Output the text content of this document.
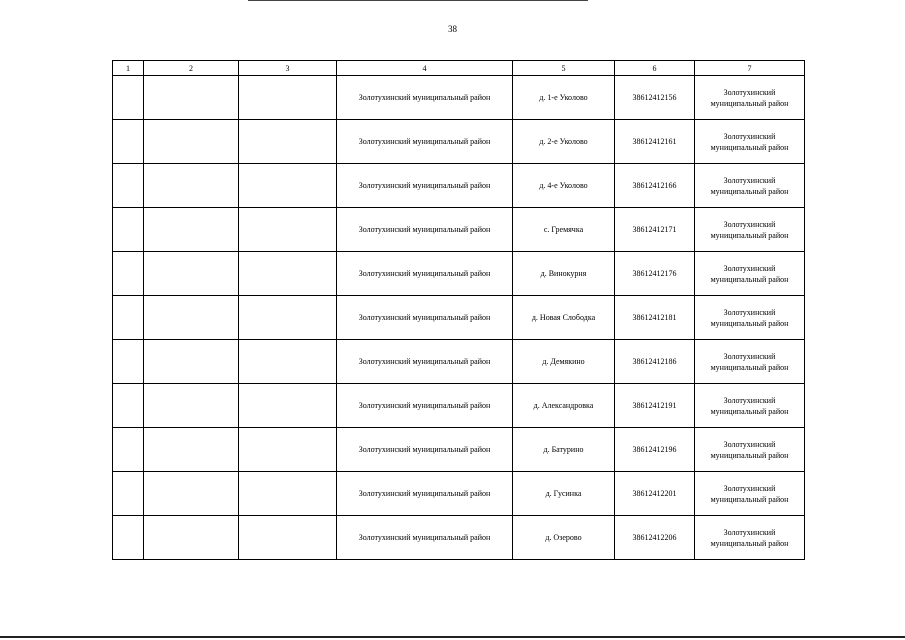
38
1	2	3	4	5	6	7
			Золотухинский муниципальный район	д. 1-е Уколово	38612412156	Золотухинский муниципальный район
			Золотухинский муниципальный район	д. 2-е Уколово	38612412161	Золотухинский муниципальный район
			Золотухинский муниципальный район	д. 4-е Уколово	38612412166	Золотухинский муниципальный район
			Золотухинский муниципальный район	с. Гремячка	38612412171	Золотухинский муниципальный район
			Золотухинский муниципальный район	д. Винокурня	38612412176	Золотухинский муниципальный район
			Золотухинский муниципальный район	д. Новая Слободка	38612412181	Золотухинский муниципальный район
			Золотухинский муниципальный район	д. Демякино	38612412186	Золотухинский муниципальный район
			Золотухинский муниципальный район	д. Александровка	38612412191	Золотухинский муниципальный район
			Золотухинский муниципальный район	д. Батурино	38612412196	Золотухинский муниципальный район
			Золотухинский муниципальный район	д. Гусинка	38612412201	Золотухинский муниципальный район
			Золотухинский муниципальный район	д. Озерово	38612412206	Золотухинский муниципальный район
